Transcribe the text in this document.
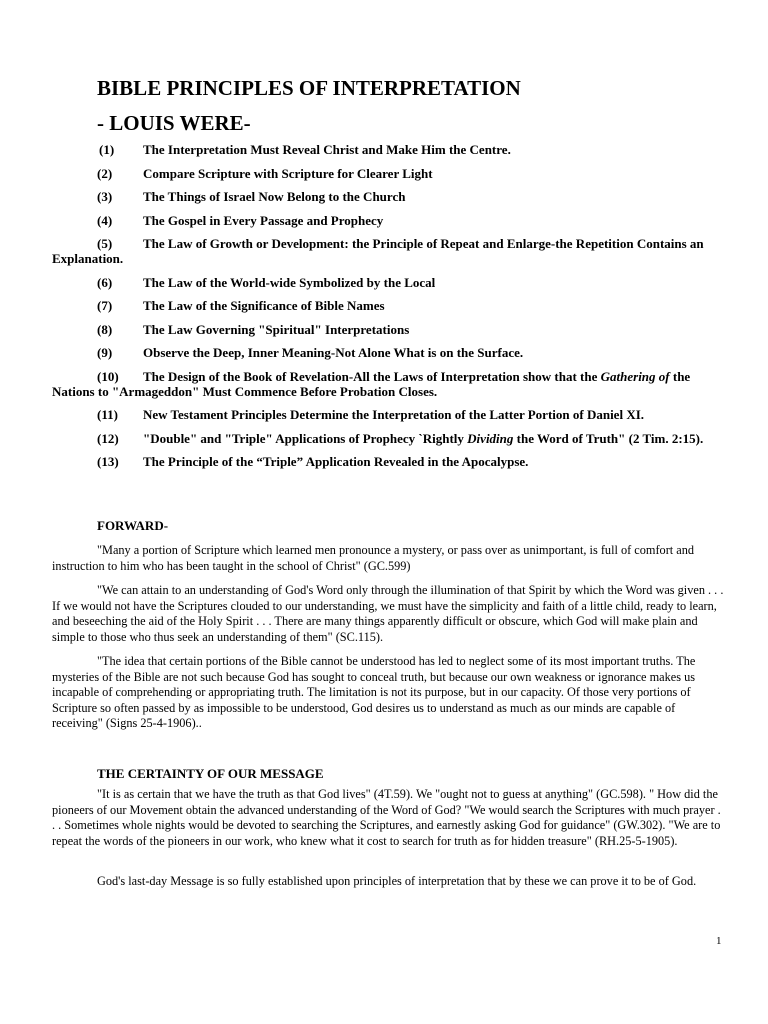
BIBLE PRINCIPLES OF INTERPRETATION
- LOUIS WERE-
(1)	The Interpretation Must Reveal Christ and Make Him the Centre.
(2)	Compare Scripture with Scripture for Clearer Light
(3)	The Things of Israel Now Belong to the Church
(4)	The Gospel in Every Passage and Prophecy
(5)	The Law of Growth or Development: the Principle of Repeat and Enlarge-the Repetition Contains an Explanation.
(6)	The Law of the World-wide Symbolized by the Local
(7)	The Law of the Significance of Bible Names
(8)	The Law Governing "Spiritual" Interpretations
(9)	Observe the Deep, Inner Meaning-Not Alone What is on the Surface.
(10)	The Design of the Book of Revelation-All the Laws of Interpretation show that the Gathering of the Nations to "Armageddon" Must Commence Before Probation Closes.
(11)	New Testament Principles Determine the Interpretation of the Latter Portion of Daniel XI.
(12)	"Double" and "Triple" Applications of Prophecy `Rightly Dividing the Word of Truth" (2 Tim. 2:15).
(13)	The Principle of the “Triple” Application Revealed in the Apocalypse.
FORWARD-

"Many a portion of Scripture which learned men pronounce a mystery, or pass over as unimportant, is full of comfort and instruction to him who has been taught in the school of Christ" (GC.599)

"We can attain to an understanding of God's Word only through the illumination of that Spirit by which the Word was given . . . If we would not have the Scriptures clouded to our understanding, we must have the simplicity and faith of a little child, ready to learn, and beseeching the aid of the Holy Spirit . . . There are many things apparently difficult or obscure, which God will make plain and simple to those who thus seek an understanding of them" (SC.115).

"The idea that certain portions of the Bible cannot be understood has led to neglect some of its most important truths. The mysteries of the Bible are not such because God has sought to conceal truth, but because our own weakness or ignorance makes us incapable of comprehending or appropriating truth. The limitation is not its purpose, but in our capacity. Of those very portions of Scripture so often passed by as impossible to be understood, God desires us to understand as much as our minds are capable of receiving" (Signs 25-4-1906)..

THE CERTAINTY OF OUR MESSAGE

"It is as certain that we have the truth as that God lives" (4T.59). We "ought not to guess at anything" (GC.598). " How did the pioneers of our Movement obtain the advanced understanding of the Word of God? "We would search the Scriptures with much prayer . . . Sometimes whole nights would be devoted to searching the Scriptures, and earnestly asking God for guidance" (GW.302). "We are to repeat the words of the pioneers in our work, who knew what it cost to search for truth as for hidden treasure" (RH.25-5-1905).

God's last-day Message is so fully established upon principles of interpretation that by these we can prove it to be of God.

1
